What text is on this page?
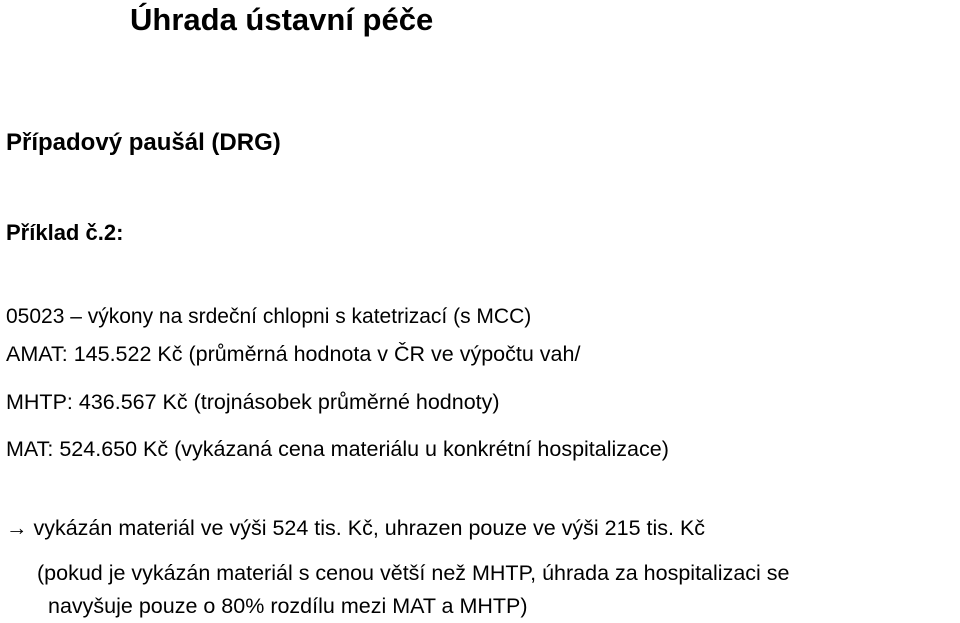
Úhrada ústavní péče
Případový paušál (DRG)
Příklad č.2:
05023 – výkony na srdeční chlopni s katetrizací (s MCC)
AMAT: 145.522 Kč (průměrná hodnota v ČR ve výpočtu vah/
MHTP: 436.567 Kč (trojnásobek průměrné hodnoty)
MAT: 524.650 Kč (vykázaná cena materiálu u konkrétní hospitalizace)
→ vykázán materiál ve výši 524 tis. Kč, uhrazen pouze ve výši 215 tis. Kč
(pokud je vykázán materiál s cenou větší než MHTP, úhrada za hospitalizaci se
navyšuje pouze o 80% rozdílu mezi MAT a MHTP)
